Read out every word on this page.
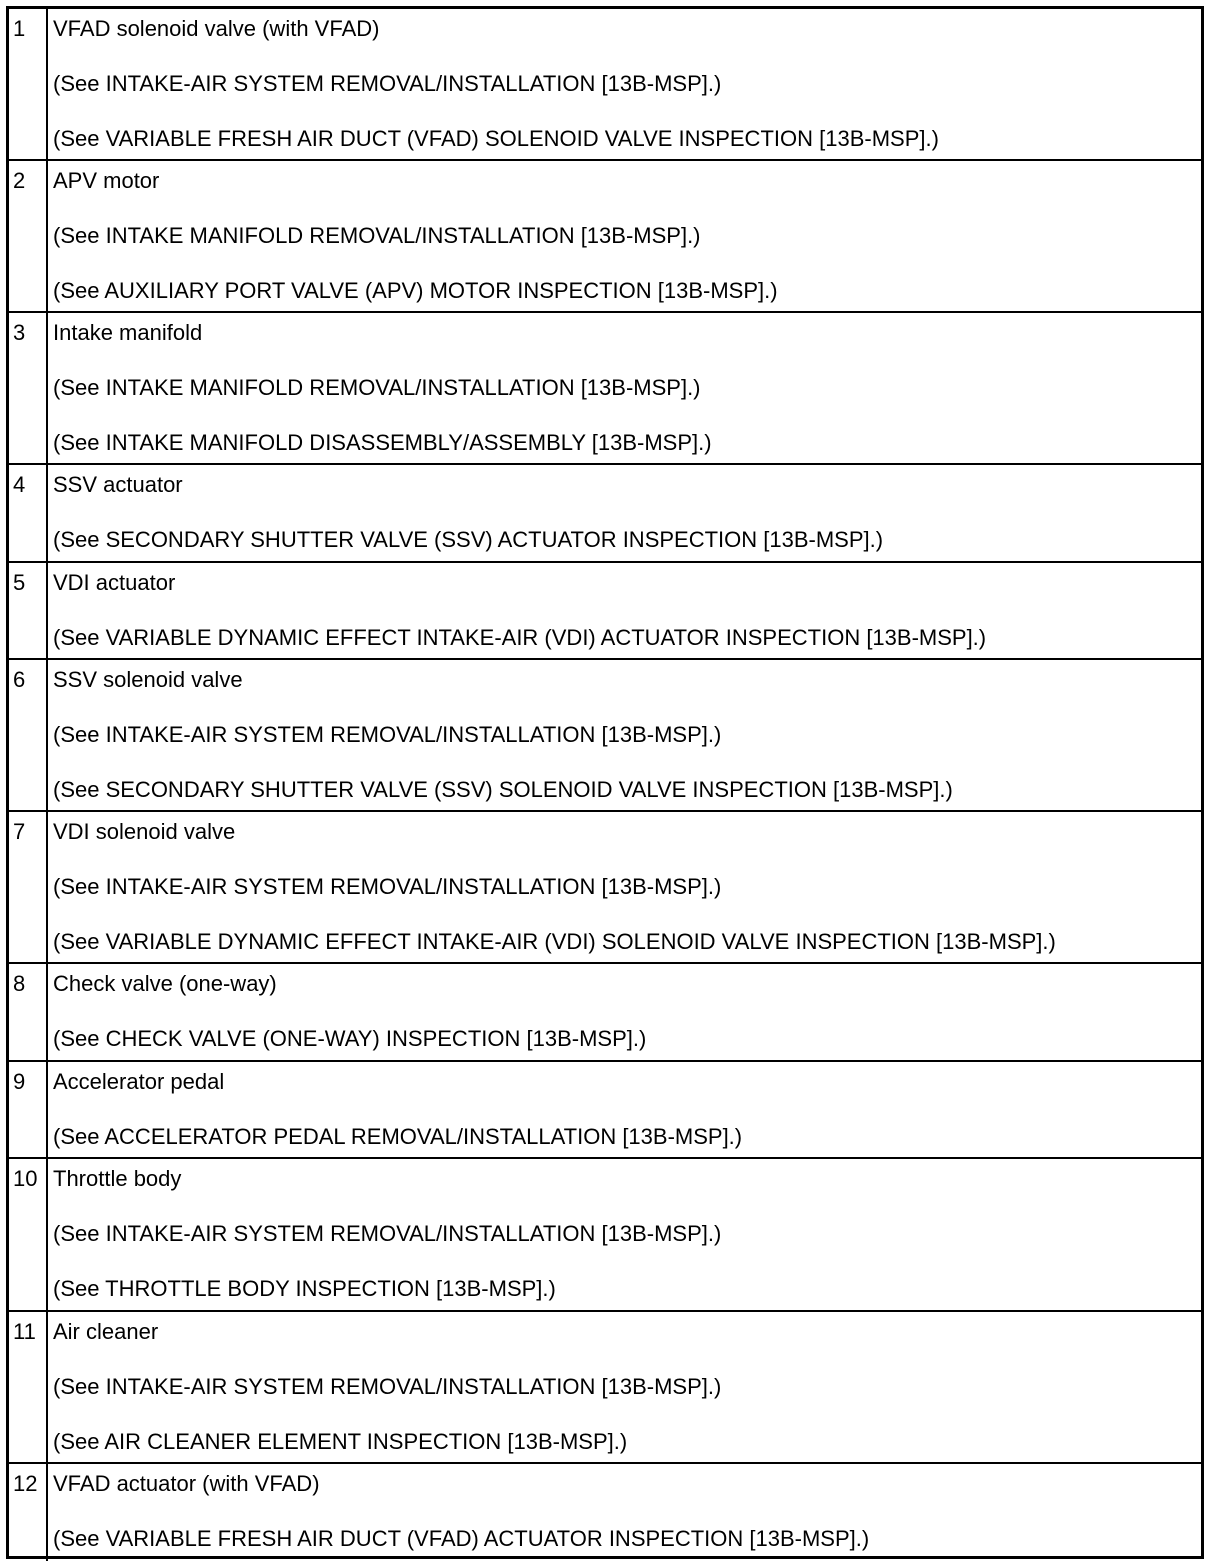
1	VFAD solenoid valve (with VFAD)
(See INTAKE-AIR SYSTEM REMOVAL/INSTALLATION [13B-MSP].)
(See VARIABLE FRESH AIR DUCT (VFAD) SOLENOID VALVE INSPECTION [13B-MSP].)

2	APV motor
(See INTAKE MANIFOLD REMOVAL/INSTALLATION [13B-MSP].)
(See AUXILIARY PORT VALVE (APV) MOTOR INSPECTION [13B-MSP].)

3	Intake manifold
(See INTAKE MANIFOLD REMOVAL/INSTALLATION [13B-MSP].)
(See INTAKE MANIFOLD DISASSEMBLY/ASSEMBLY [13B-MSP].)

4	SSV actuator
(See SECONDARY SHUTTER VALVE (SSV) ACTUATOR INSPECTION [13B-MSP].)

5	VDI actuator
(See VARIABLE DYNAMIC EFFECT INTAKE-AIR (VDI) ACTUATOR INSPECTION [13B-MSP].)

6	SSV solenoid valve
(See INTAKE-AIR SYSTEM REMOVAL/INSTALLATION [13B-MSP].)
(See SECONDARY SHUTTER VALVE (SSV) SOLENOID VALVE INSPECTION [13B-MSP].)

7	VDI solenoid valve
(See INTAKE-AIR SYSTEM REMOVAL/INSTALLATION [13B-MSP].)
(See VARIABLE DYNAMIC EFFECT INTAKE-AIR (VDI) SOLENOID VALVE INSPECTION [13B-MSP].)

8	Check valve (one-way)
(See CHECK VALVE (ONE-WAY) INSPECTION [13B-MSP].)

9	Accelerator pedal
(See ACCELERATOR PEDAL REMOVAL/INSTALLATION [13B-MSP].)

10	Throttle body
(See INTAKE-AIR SYSTEM REMOVAL/INSTALLATION [13B-MSP].)
(See THROTTLE BODY INSPECTION [13B-MSP].)

11	Air cleaner
(See INTAKE-AIR SYSTEM REMOVAL/INSTALLATION [13B-MSP].)
(See AIR CLEANER ELEMENT INSPECTION [13B-MSP].)

12	VFAD actuator (with VFAD)
(See VARIABLE FRESH AIR DUCT (VFAD) ACTUATOR INSPECTION [13B-MSP].)
